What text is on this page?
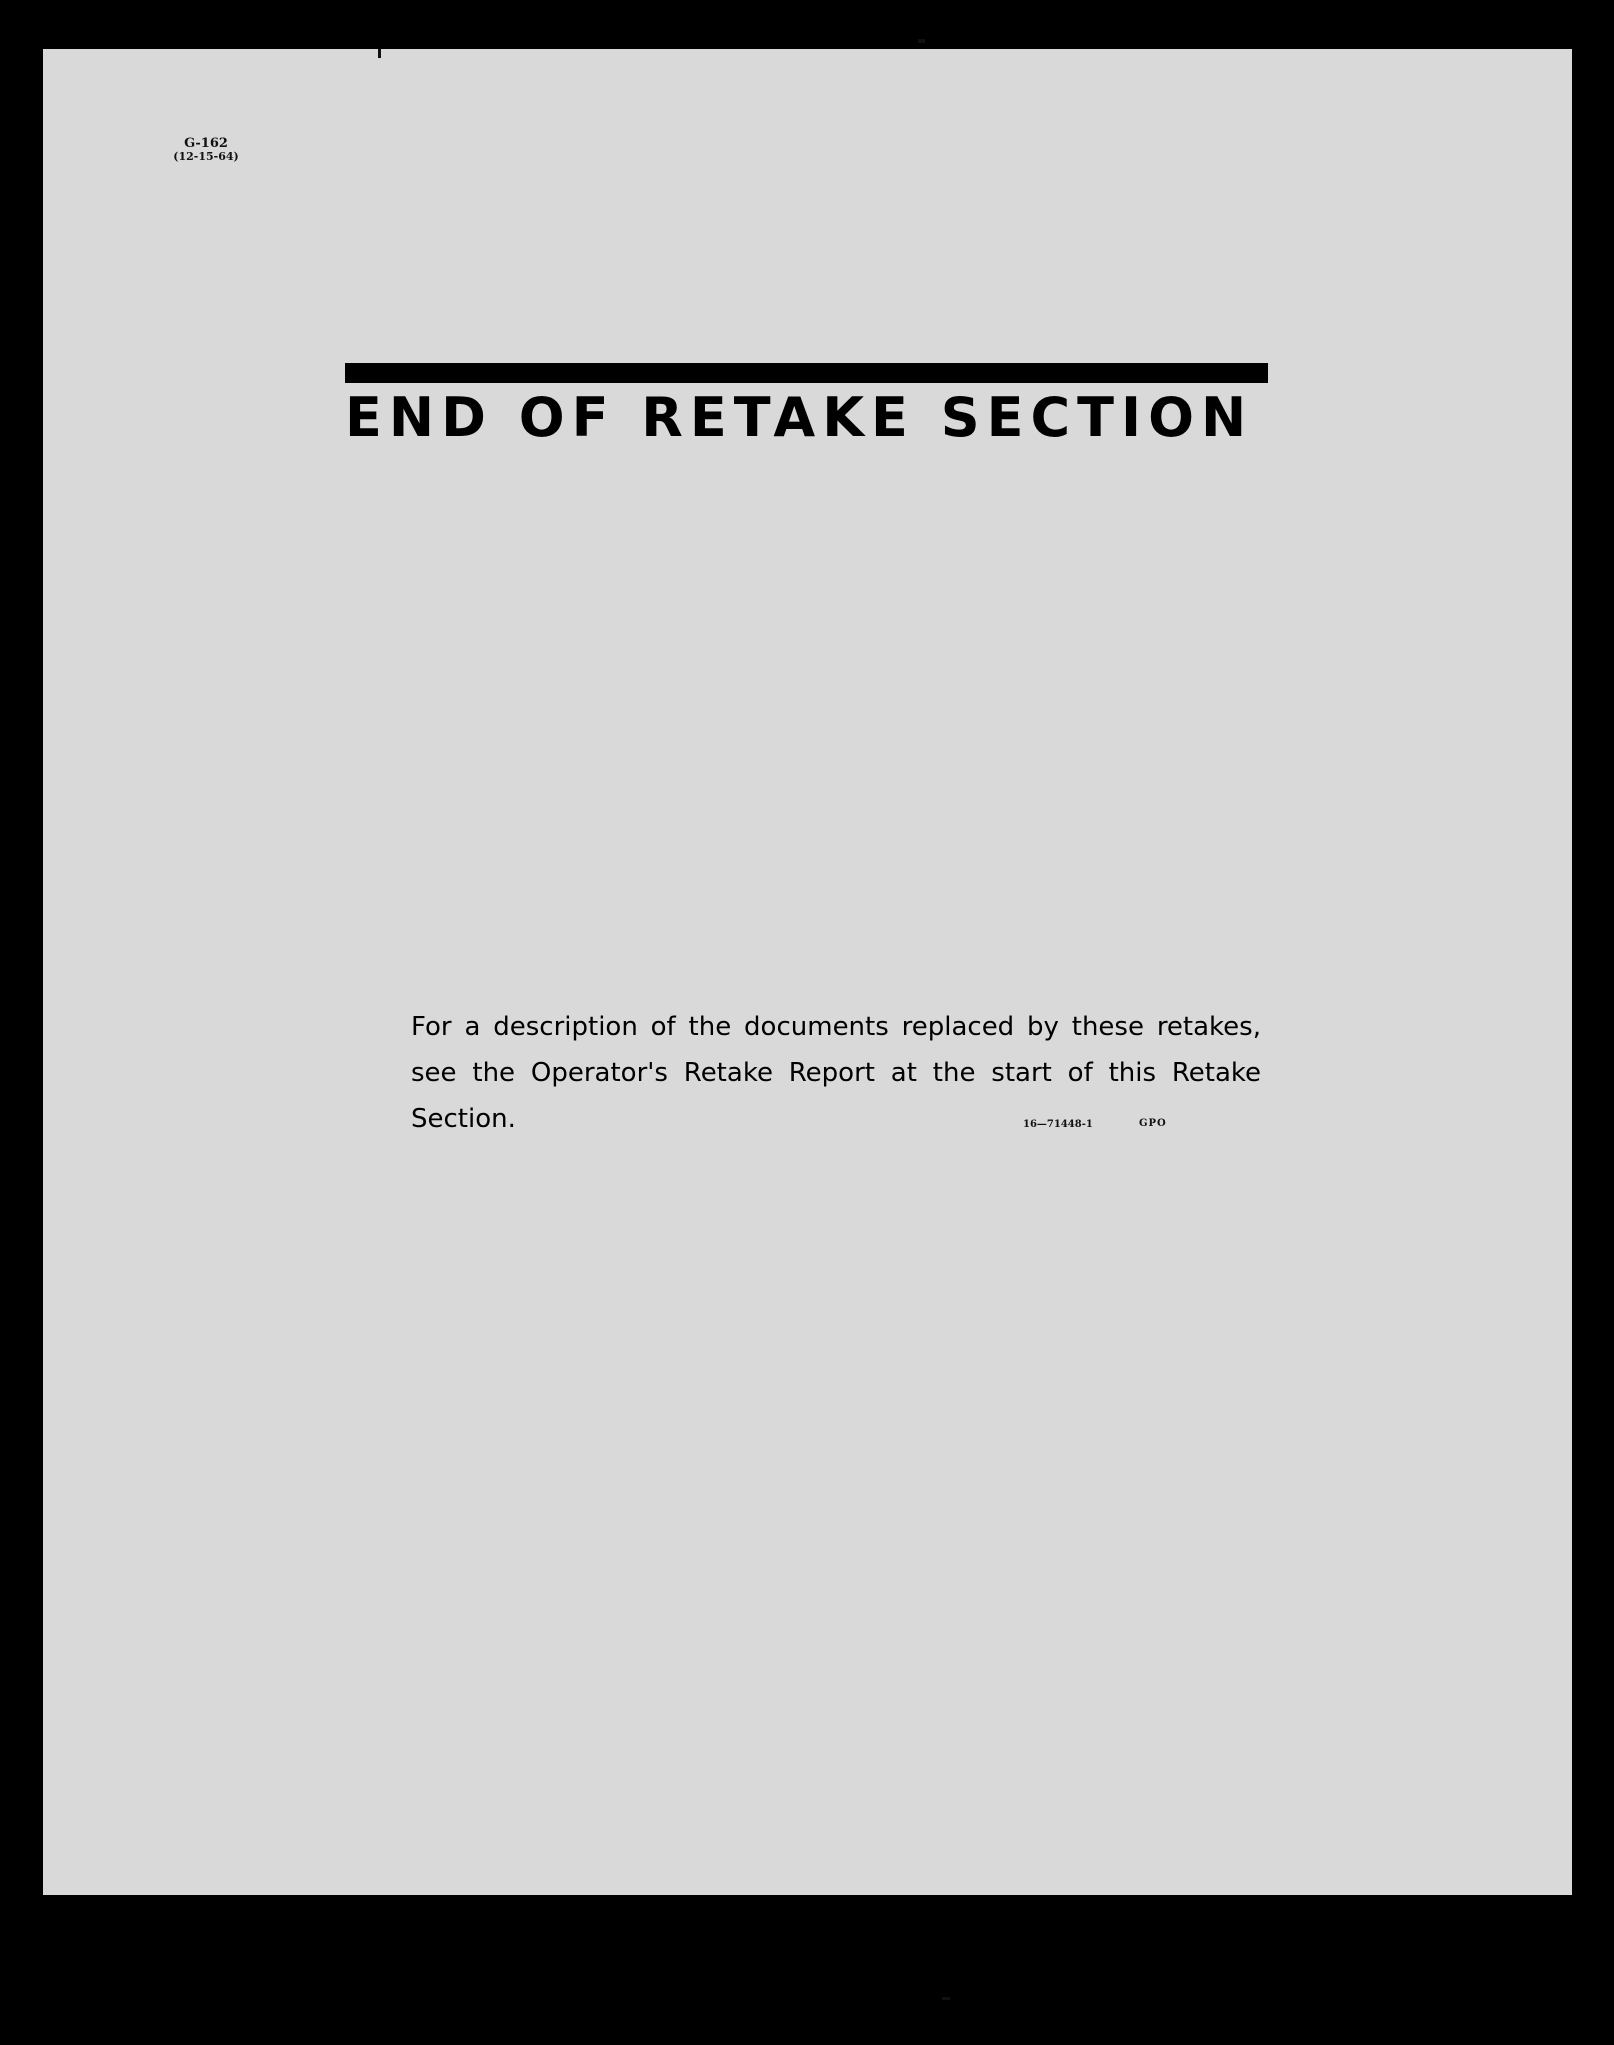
G-162
(12-15-64)
END OF RETAKE SECTION

For a description of the documents replaced by these retakes, see the Operator's Retake Report at the start of this Retake Section.	16—71448-1	GPO
